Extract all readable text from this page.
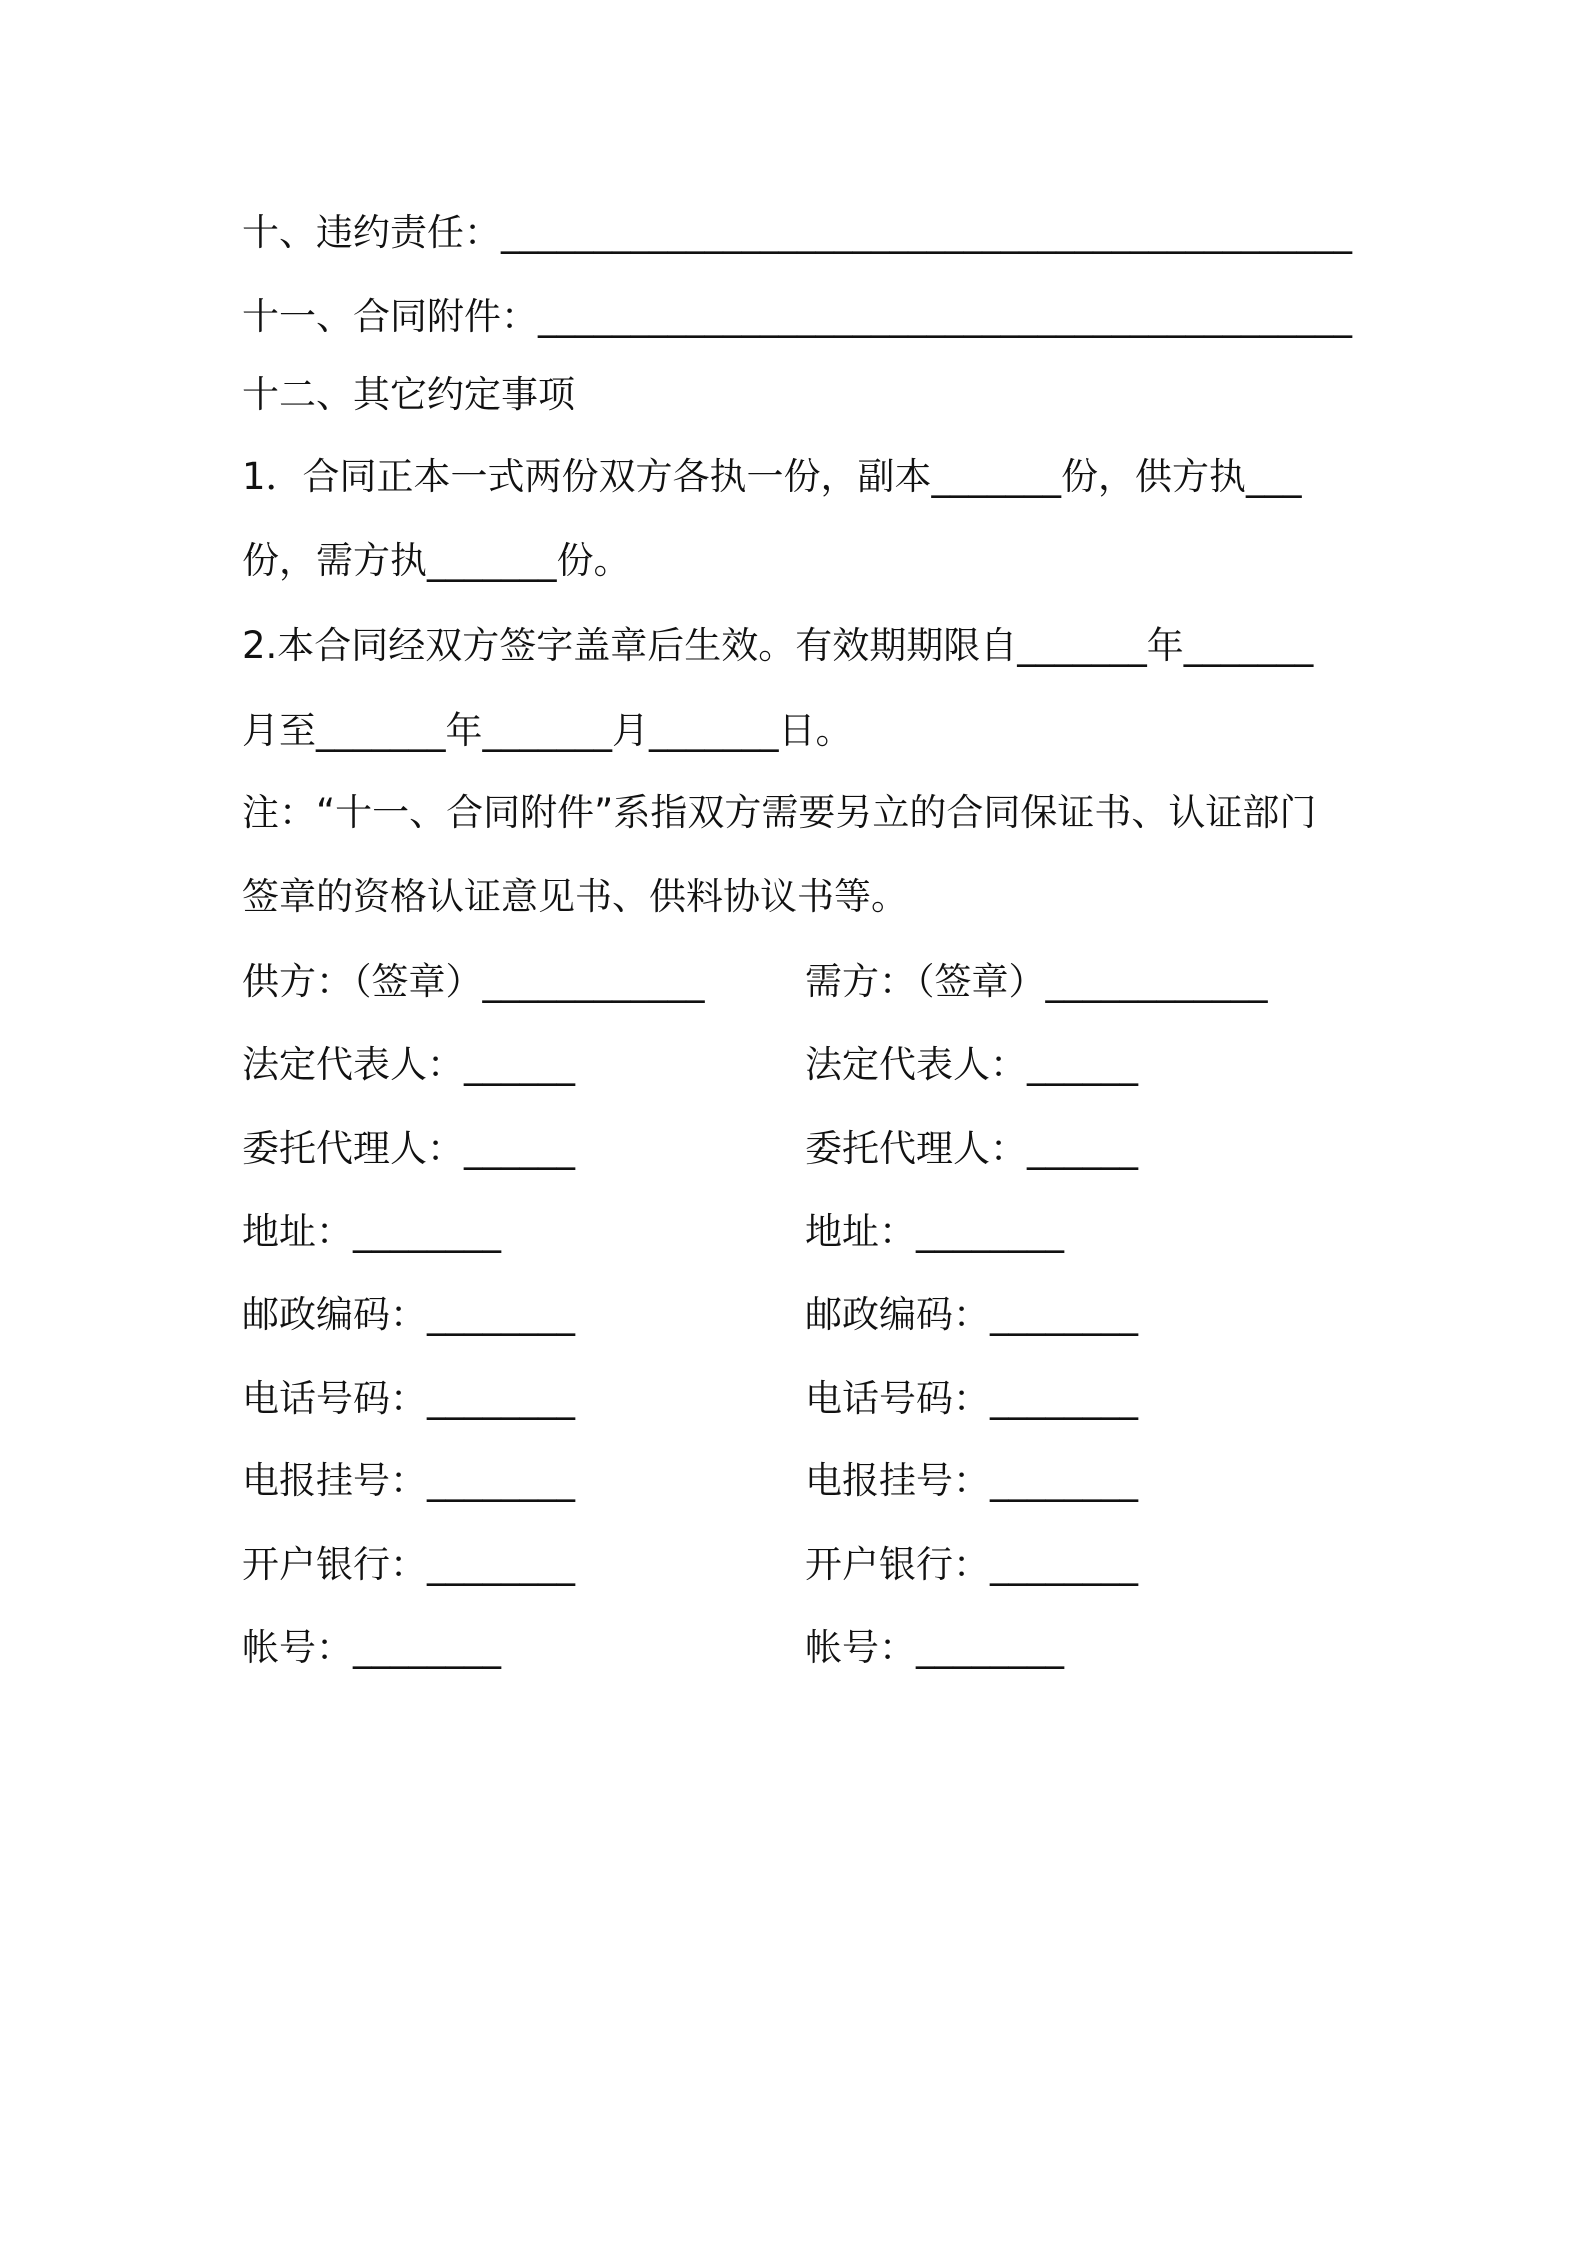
十、违约责任：______________________________________________
十一、合同附件：____________________________________________
十二、其它约定事项
1．合同正本一式两份双方各执一份，副本_______份，供方执___
份，需方执_______份。
2.本合同经双方签字盖章后生效。有效期期限自_______年_______
月至_______年_______月_______日。
注：“十一、合同附件”系指双方需要另立的合同保证书、认证部门
签章的资格认证意见书、供料协议书等。
供方：（签章）____________
法定代表人：______
委托代理人：______
地址：________
邮政编码：________
电话号码：________
电报挂号：________
开户银行：________
帐号：________
需方：（签章）____________
法定代表人：______
委托代理人：______
地址：________
邮政编码：________
电话号码：________
电报挂号：________
开户银行：________
帐号：________
